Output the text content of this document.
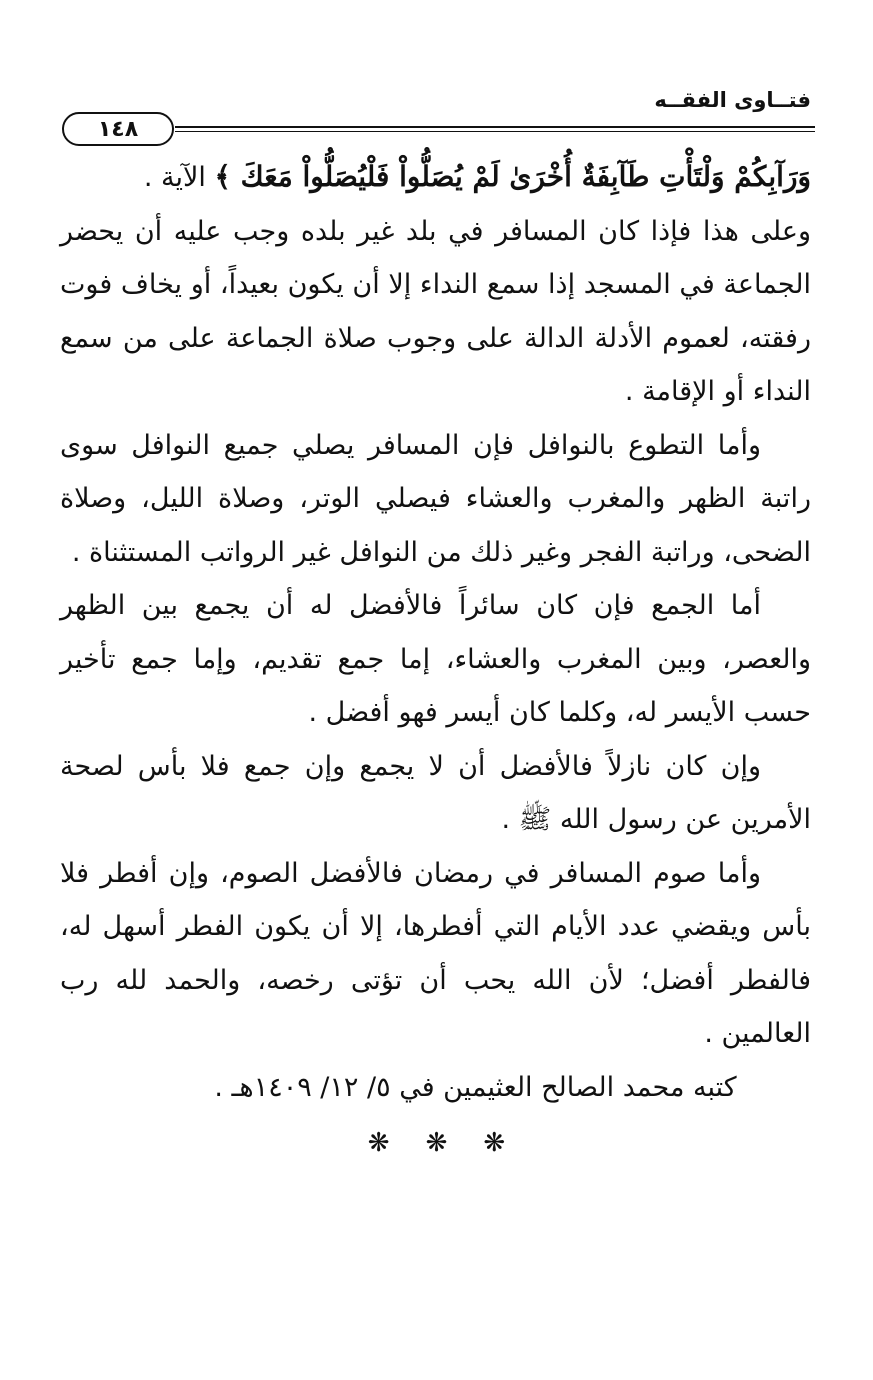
فتــاوى الفقــه
١٤٨

وَرَآبِكُمْ وَلْتَأْتِ طَآبِفَةٌ أُخْرَىٰ لَمْ يُصَلُّواْ فَلْيُصَلُّواْ مَعَكَ ﴾ الآية .

وعلى هذا فإذا كان المسافر في بلد غير بلده وجب عليه أن يحضر الجماعة في المسجد إذا سمع النداء إلا أن يكون بعيداً، أو يخاف فوت رفقته، لعموم الأدلة الدالة على وجوب صلاة الجماعة على من سمع النداء أو الإقامة .

وأما التطوع بالنوافل فإن المسافر يصلي جميع النوافل سوى راتبة الظهر والمغرب والعشاء فيصلي الوتر، وصلاة الليل، وصلاة الضحى، وراتبة الفجر وغير ذلك من النوافل غير الرواتب المستثناة .

أما الجمع فإن كان سائراً فالأفضل له أن يجمع بين الظهر والعصر، وبين المغرب والعشاء، إما جمع تقديم، وإما جمع تأخير حسب الأيسر له، وكلما كان أيسر فهو أفضل .

وإن كان نازلاً فالأفضل أن لا يجمع وإن جمع فلا بأس لصحة الأمرين عن رسول الله ﷺ .

وأما صوم المسافر في رمضان فالأفضل الصوم، وإن أفطر فلا بأس ويقضي عدد الأيام التي أفطرها، إلا أن يكون الفطر أسهل له، فالفطر أفضل؛ لأن الله يحب أن تؤتى رخصه، والحمد لله رب العالمين .

كتبه محمد الصالح العثيمين في ٥/ ١٢/ ١٤٠٩هـ .

❋❋❋
